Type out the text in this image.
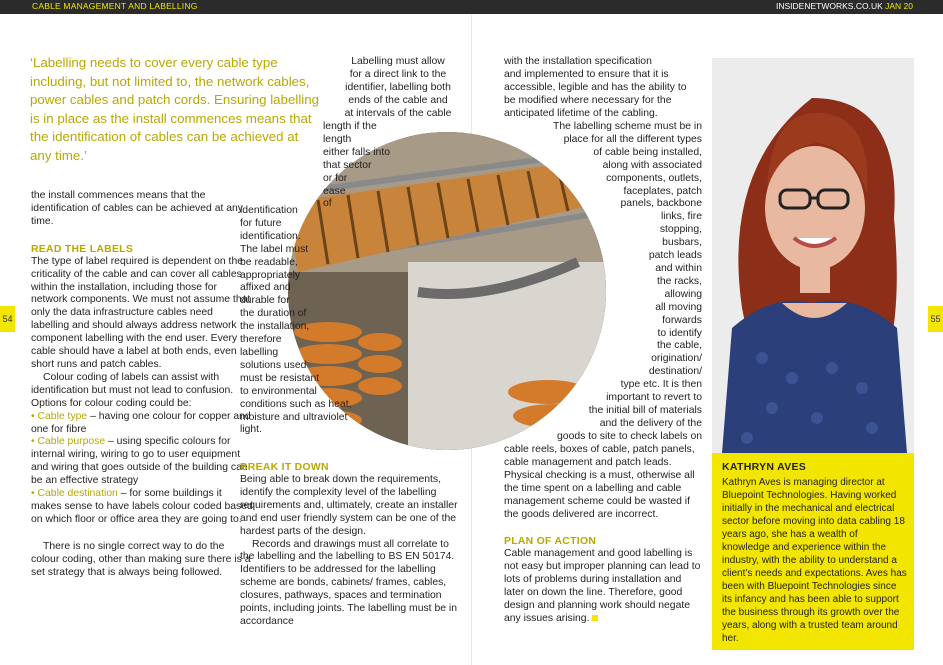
CABLE MANAGEMENT AND LABELLING	INSIDENETWORKS.CO.UK JAN 20
54	55
‘Labelling needs to cover every cable type including, but not limited to, the network cables, power cables and patch cords. Ensuring labelling is in place as the install commences means that the identification of cables can be achieved at any time.’

the install commences means that the identification of cables can be achieved at any time.

READ THE LABELS

The type of label required is dependent on the criticality of the cable and can cover all cables within the installation, including those for network components. We must not assume that only the data infrastructure cables need labelling and should always address network component labelling with the end user. Every cable should have a label at both ends, even short runs and patch cables.

Colour coding of labels can assist with identification but must not lead to confusion. Options for colour coding could be:

• Cable type – having one colour for copper and one for fibre

• Cable purpose – using specific colours for internal wiring, wiring to go to user equipment and wiring that goes outside of the building can be an effective strategy

• Cable destination – for some buildings it makes sense to have labels colour coded based on which floor or office area they are going to.

There is no single correct way to do the colour coding, other than making sure there is a set strategy that is always being followed.

Labelling must allow
for a direct link to the
identifier, labelling both
ends of the cable and
at intervals of the cable
length if the length
either falls into
that sector
or for
ease
of
identification
for future
identification.
The label must
be readable,
appropriately
affixed and
durable for
the duration of
the installation,
therefore
labelling
solutions used
must be resistant
to environmental
conditions such as heat,
moisture and ultraviolet
light.
BREAK IT DOWN

Being able to break down the requirements, identify the complexity level of the labelling requirements and, ultimately, create an installer and end user friendly system can be one of the hardest parts of the design.

Records and drawings must all correlate to the labelling and the labelling to BS EN 50174. Identifiers to be addressed for the labelling scheme are bonds, cabinets/ frames, cables, closures, pathways, spaces and termination points, including joints. The labelling must be in accordance

with the installation specification
and implemented to ensure that it is
accessible, legible and has the ability to
be modified where necessary for the
anticipated lifetime of the cabling.
The labelling scheme must be in
place for all the different types
of cable being installed,
along with associated
components, outlets,
faceplates, patch
panels, backbone
links, fire
stopping,
busbars,
patch leads
and within
the racks,
allowing
all moving
forwards
to identify
the cable,
origination/
destination/
type etc. It is then
important to revert to
the initial bill of materials
and the delivery of the
goods to site to check labels on

cable reels, boxes of cable, patch panels, cable management and patch leads. Physical checking is a must, otherwise all the time spent on a labelling and cable management scheme could be wasted if the goods delivered are incorrect.

PLAN OF ACTION

Cable management and good labelling is not easy but improper planning can lead to lots of problems during installation and later on down the line. Therefore, good design and planning work should negate any issues arising.

KATHRYN AVES

Kathryn Aves is managing director at Bluepoint Technologies. Having worked initially in the mechanical and electrical sector before moving into data cabling 18 years ago, she has a wealth of knowledge and experience within the industry, with the ability to understand a client’s needs and expectations. Aves has been with Bluepoint Technologies since its infancy and has been able to support the business through its growth over the years, along with a trusted team around her.
